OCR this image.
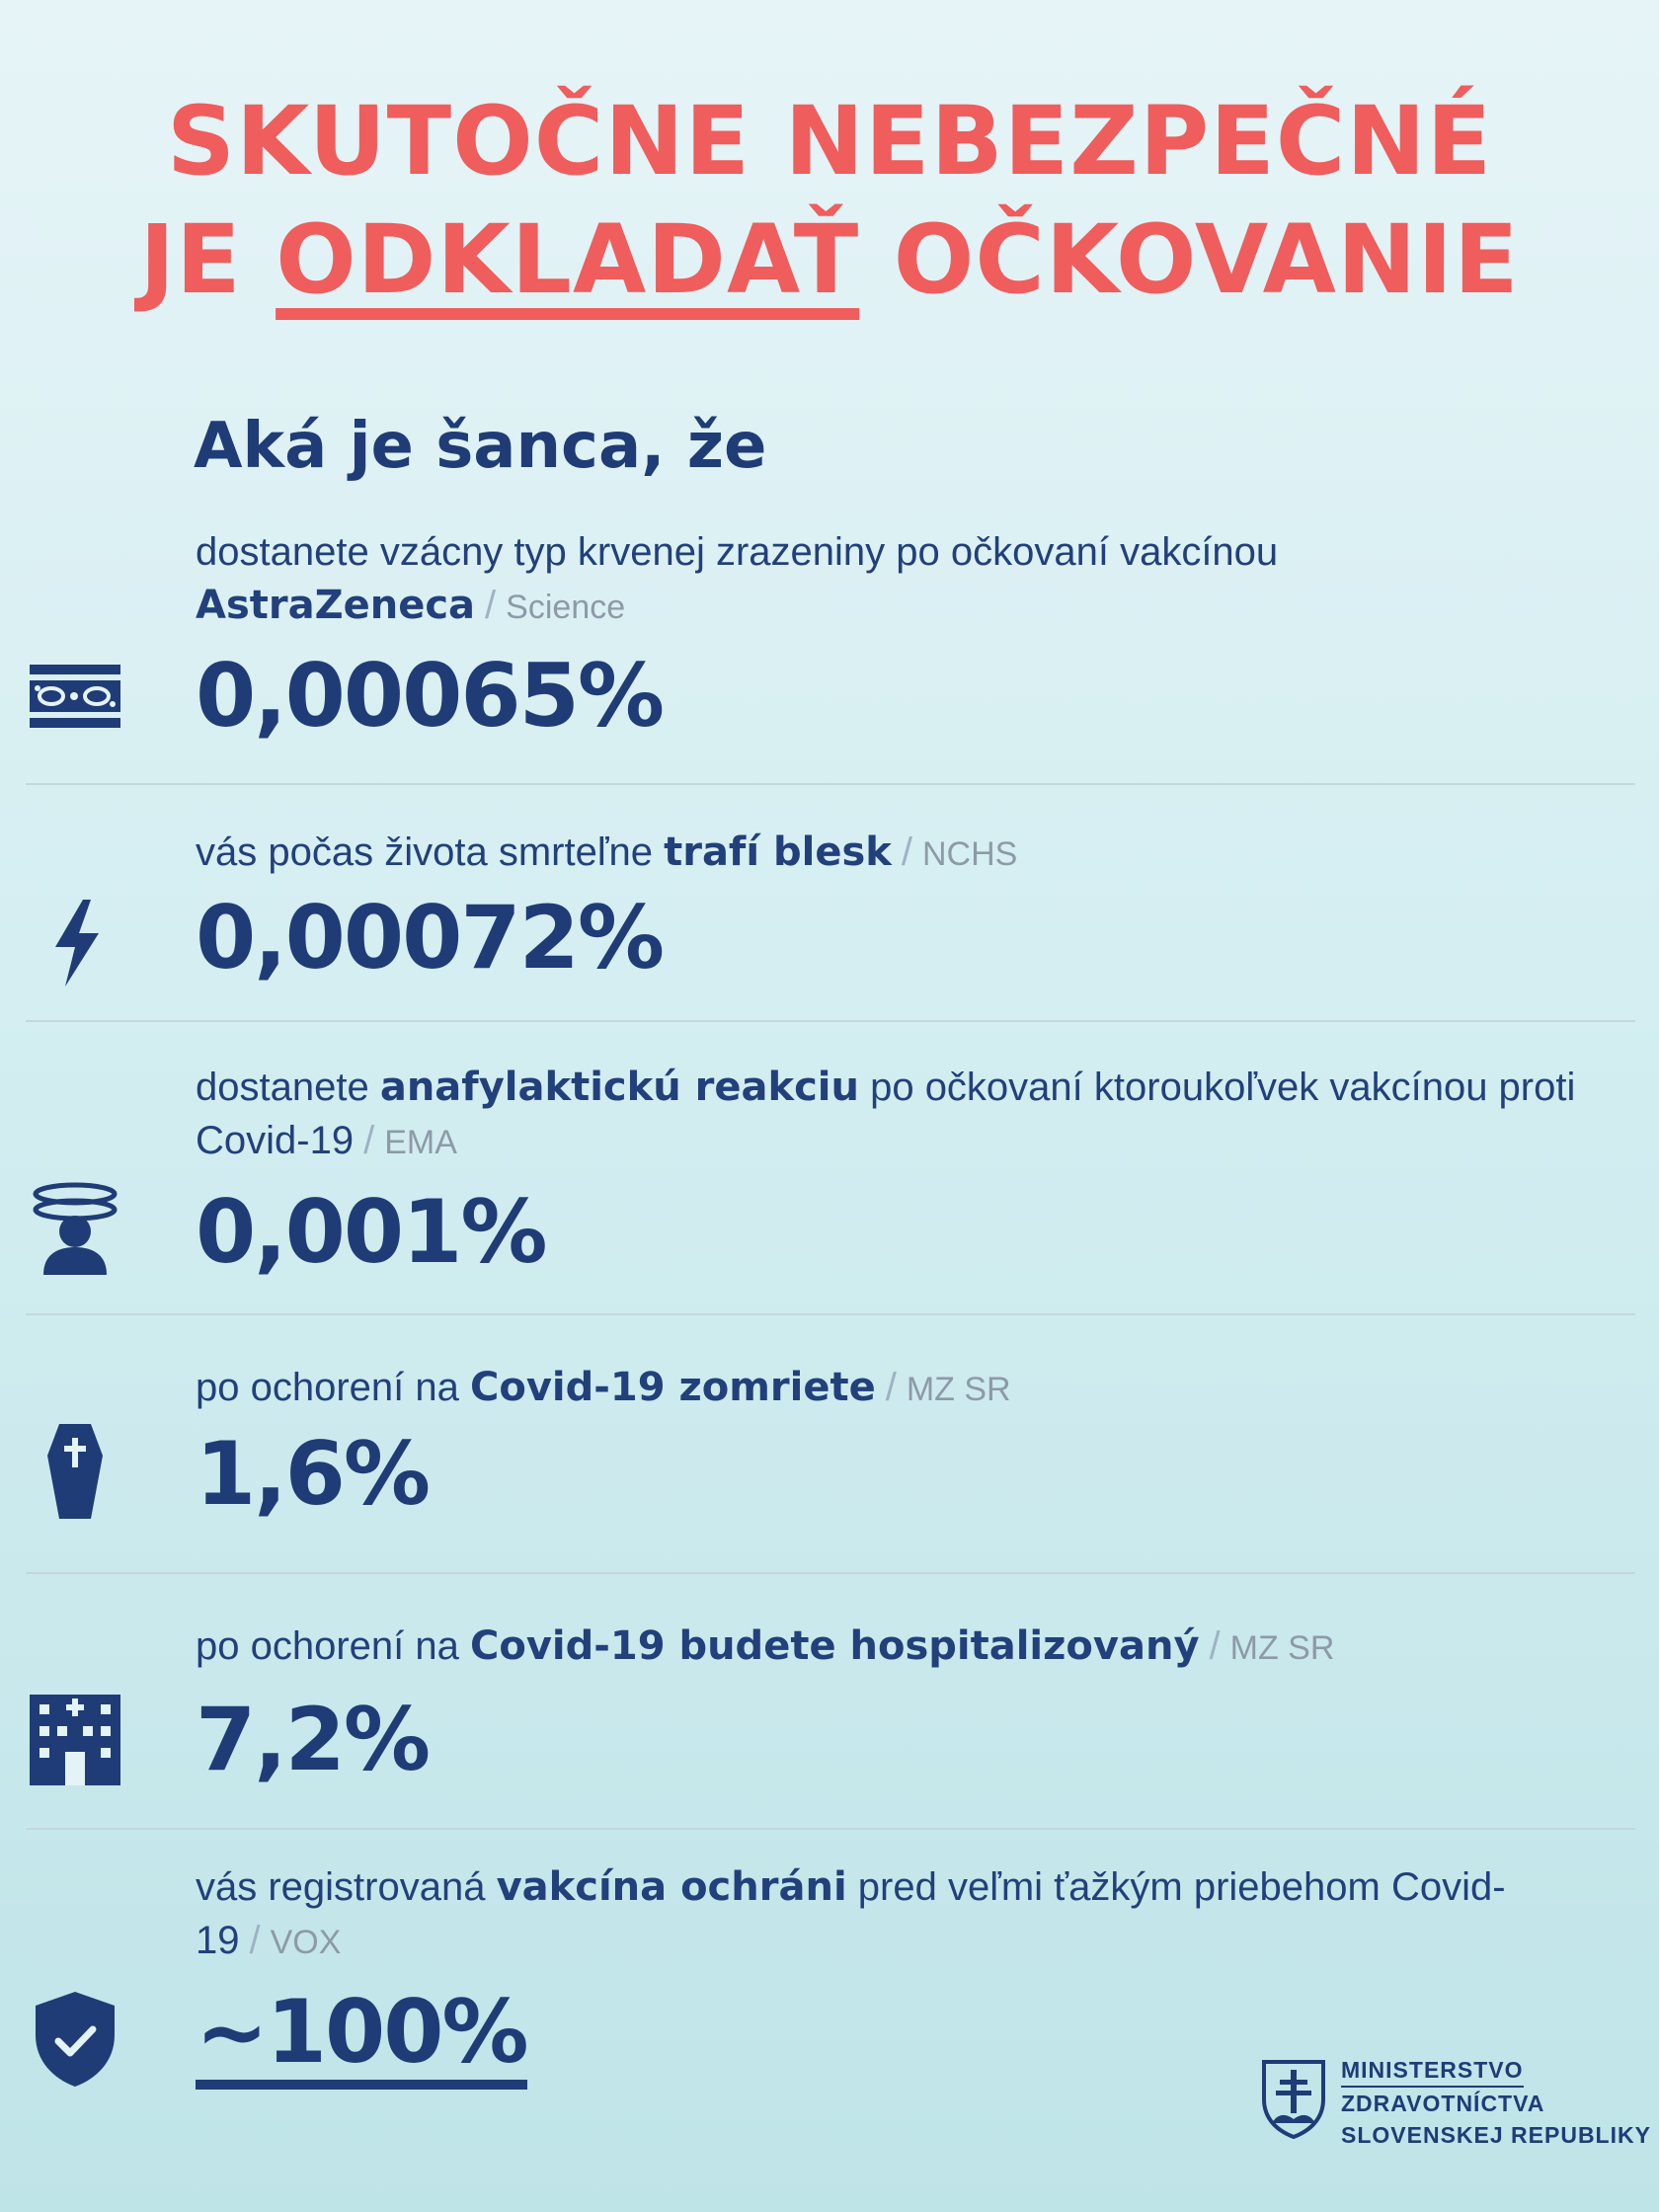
SKUTOČNE NEBEZPEČNÉ
JE ODKLADAŤ OČKOVANIE
Aká je šanca, že
dostanete vzácny typ krvenej zrazeniny po očkovaní vakcínou AstraZeneca / Science
0,00065%
vás počas života smrteľne trafí blesk / NCHS
0,00072%
dostanete anafylaktickú reakciu po očkovaní ktoroukoľvek vakcínou proti Covid-19 / EMA
0,001%
po ochorení na Covid-19 zomriete / MZ SR
1,6%
po ochorení na Covid-19 budete hospitalizovaný / MZ SR
7,2%
vás registrovaná vakcína ochráni pred veľmi ťažkým priebehom Covid-19 / VOX
~100%	MINISTERSTVO
ZDRAVOTNÍCTVA
SLOVENSKEJ REPUBLIKY
